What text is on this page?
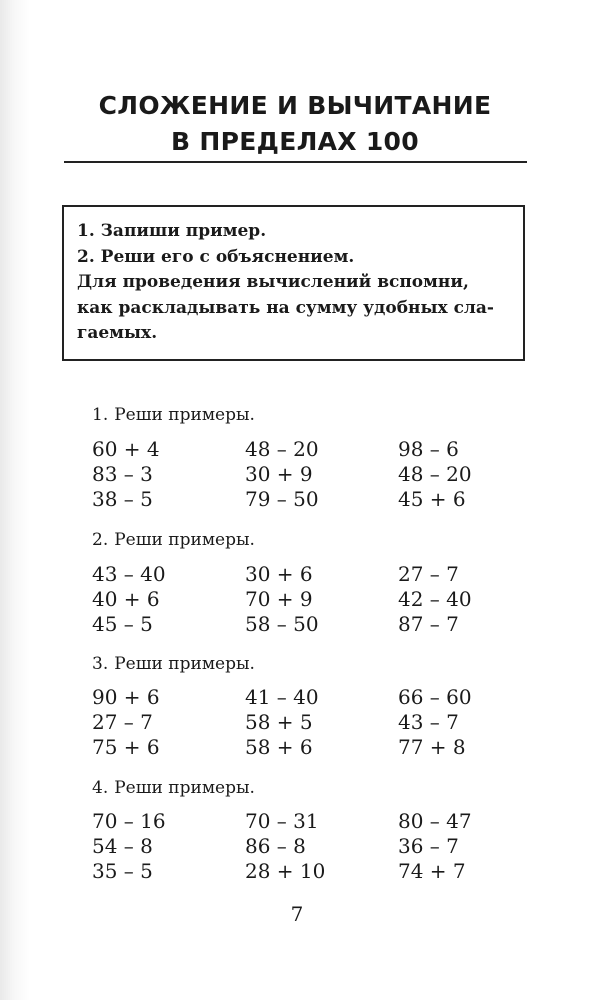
СЛОЖЕНИЕ И ВЫЧИТАНИЕ
В ПРЕДЕЛАХ 100
1. Запиши пример.
2. Реши его с объяснением.
Для проведения вычислений вспомни,
как раскладывать на сумму удобных сла-
гаемых.
1. Реши примеры.
60 + 4	48 – 20	98 – 6
83 – 3	30 + 9	48 – 20
38 – 5	79 – 50	45 + 6
2. Реши примеры.
43 – 40	30 + 6	27 – 7
40 + 6	70 + 9	42 – 40
45 – 5	58 – 50	87 – 7
3. Реши примеры.
90 + 6	41 – 40	66 – 60
27 – 7	58 + 5	43 – 7
75 + 6	58 + 6	77 + 8
4. Реши примеры.
70 – 16	70 – 31	80 – 47
54 – 8	86 – 8	36 – 7
35 – 5	28 + 10	74 + 7
7
